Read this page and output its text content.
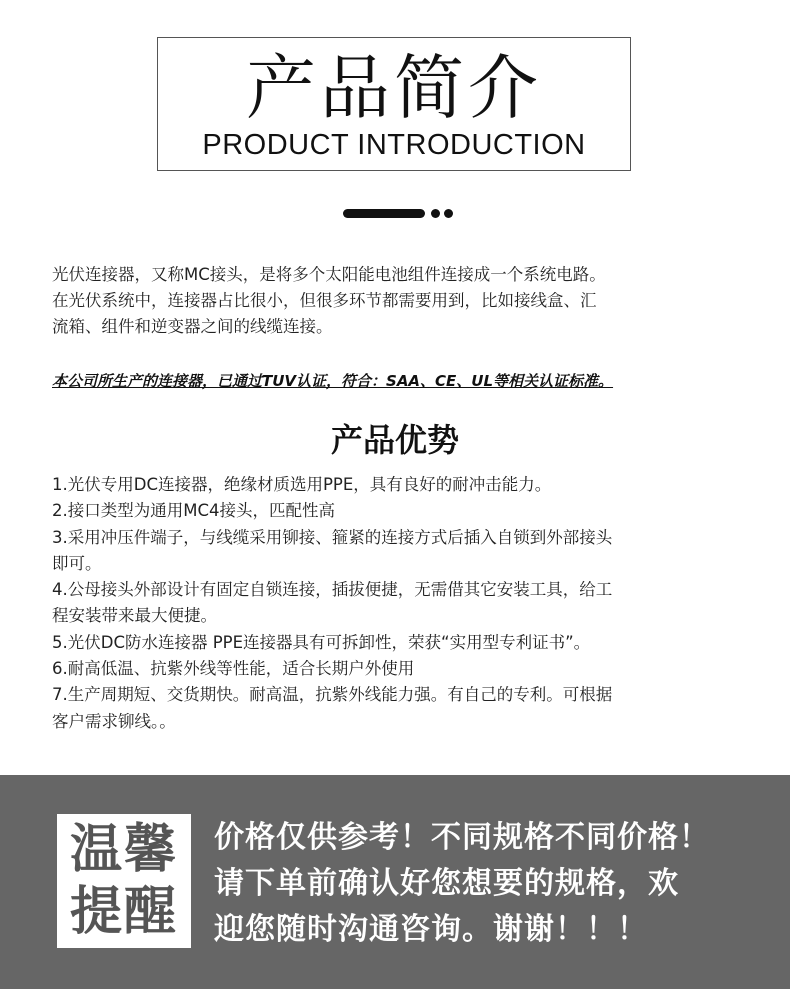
产品简介
PRODUCT INTRODUCTION

光伏连接器，又称MC接头，是将多个太阳能电池组件连接成一个系统电路。

在光伏系统中，连接器占比很小，但很多环节都需要用到，比如接线盒、汇

流箱、组件和逆变器之间的线缆连接。

本公司所生产的连接器，已通过TUV认证，符合：SAA、CE、UL等相关认证标准。
产品优势
1.光伏专用DC连接器，绝缘材质选用PPE，具有良好的耐冲击能力。
2.接口类型为通用MC4接头，匹配性高
3.采用冲压件端子，与线缆采用铆接、箍紧的连接方式后插入自锁到外部接头
即可。
4.公母接头外部设计有固定自锁连接，插拔便捷，无需借其它安装工具，给工
程安装带来最大便捷。
5.光伏DC防水连接器 PPE连接器具有可拆卸性，荣获“实用型专利证书”。
6.耐高低温、抗紫外线等性能，适合长期户外使用
7.生产周期短、交货期快。耐高温，抗紫外线能力强。有自己的专利。可根据
客户需求铆线。。
温馨
提醒
价格仅供参考！不同规格不同价格！
请下单前确认好您想要的规格，欢
迎您随时沟通咨询。谢谢！！！
